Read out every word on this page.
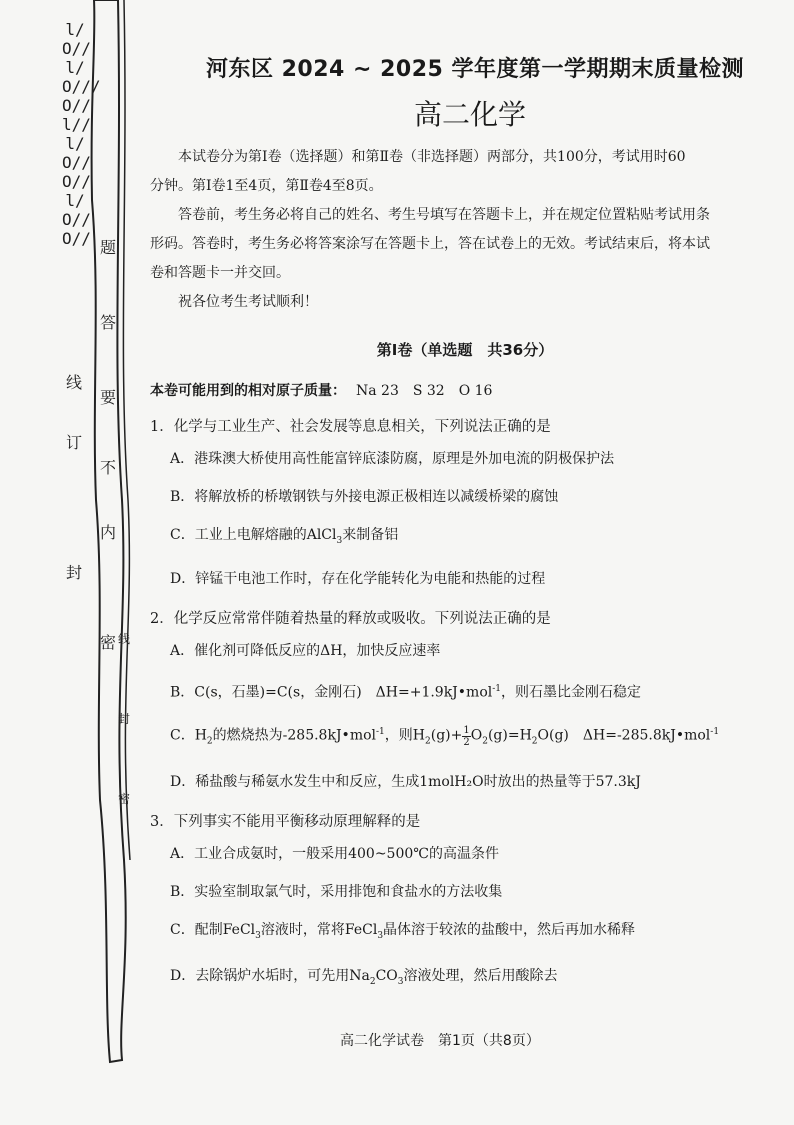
l/O//l/O///O//l//l/O//O//l/O//O//
线
订
封
内
不
要
答
题
密 线
封
密
河东区 2024 ~ 2025 学年度第一学期期末质量检测
高二化学

本试卷分为第Ⅰ卷（选择题）和第Ⅱ卷（非选择题）两部分，共100分，考试用时60

分钟。第Ⅰ卷1至4页，第Ⅱ卷4至8页。

答卷前，考生务必将自己的姓名、考生号填写在答题卡上，并在规定位置粘贴考试用条

形码。答卷时，考生务必将答案涂写在答题卡上，答在试卷上的无效。考试结束后，将本试

卷和答题卡一并交回。

祝各位考生考试顺利！

第Ⅰ卷（单选题　共36分）
本卷可能用到的相对原子质量： Na 23　S 32　O 16
1．化学与工业生产、社会发展等息息相关，下列说法正确的是
A．港珠澳大桥使用高性能富锌底漆防腐，原理是外加电流的阴极保护法
B．将解放桥的桥墩钢铁与外接电源正极相连以减缓桥梁的腐蚀
C．工业上电解熔融的AlCl$_3$来制备铝
D．锌锰干电池工作时，存在化学能转化为电能和热能的过程
2．化学反应常常伴随着热量的释放或吸收。下列说法正确的是
A．催化剂可降低反应的ΔH，加快反应速率
B．C(s，石墨)=C(s，金刚石)　ΔH=+1.9kJ•mol$^{-1}$，则石墨比金刚石稳定
C．$H_2$的燃烧热为-285.8kJ•mol$^{-1}$，则$H_2(g)+ \frac{1}{2} O_2(g)=H_2O(g)$　ΔH=-285.8kJ•mol$^{-1}$
D．稀盐酸与稀氨水发生中和反应，生成1molH₂O时放出的热量等于57.3kJ
3．下列事实不能用平衡移动原理解释的是
A．工业合成氨时，一般采用400~500℃的高温条件
B．实验室制取氯气时，采用排饱和食盐水的方法收集
C．配制FeCl$_3$溶液时，常将FeCl$_3$晶体溶于较浓的盐酸中，然后再加水稀释
D．去除锅炉水垢时，可先用$Na_2CO_3$溶液处理，然后用酸除去
高二化学试卷　第1页（共8页）
